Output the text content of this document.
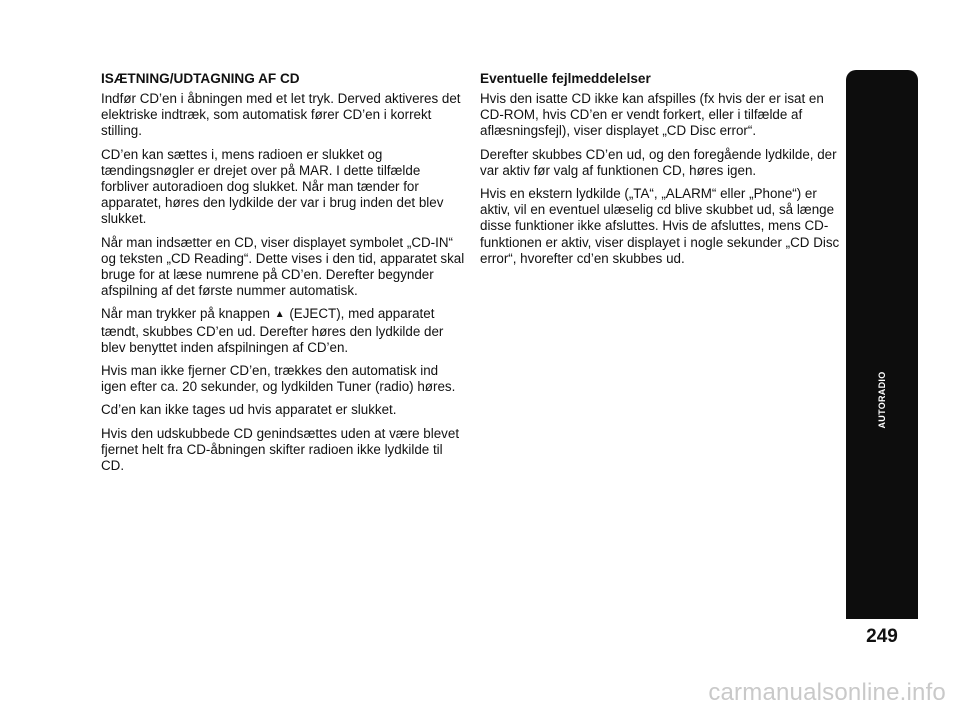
ISÆTNING/UDTAGNING AF CD

Indfør CD’en i åbningen med et let tryk. Derved aktiveres det elektriske indtræk, som automatisk fører CD’en i korrekt stilling.

CD’en kan sættes i, mens radioen er slukket og tændingsnøgler er drejet over på MAR. I dette tilfælde forbliver autoradioen dog slukket. Når man tænder for apparatet, høres den lydkilde der var i brug inden det blev slukket.

Når man indsætter en CD, viser displayet symbolet „CD-IN“ og teksten „CD Reading“. Dette vises i den tid, apparatet skal bruge for at læse numrene på CD’en. Derefter begynder afspilning af det første nummer automatisk.

Når man trykker på knappen ▲ (EJECT), med apparatet tændt, skubbes CD’en ud. Derefter høres den lydkilde der blev benyttet inden afspilningen af CD’en.

Hvis man ikke fjerner CD’en, trækkes den automatisk ind igen efter ca. 20 sekunder, og lydkilden Tuner (radio) høres.

Cd’en kan ikke tages ud hvis apparatet er slukket.

Hvis den udskubbede CD genindsættes uden at være blevet fjernet helt fra CD-åbningen skifter radioen ikke lydkilde til CD.

Eventuelle fejlmeddelelser

Hvis den isatte CD ikke kan afspilles (fx hvis der er isat en CD-ROM, hvis CD’en er vendt forkert, eller i tilfælde af aflæsningsfejl), viser displayet „CD Disc error“.

Derefter skubbes CD’en ud, og den foregående lydkilde, der var aktiv før valg af funktionen CD, høres igen.

Hvis en ekstern lydkilde („TA“, „ALARM“ eller „Phone“) er aktiv, vil en eventuel ulæselig cd blive skubbet ud, så længe disse funktioner ikke afsluttes. Hvis de afsluttes, mens CD-funktionen er aktiv, viser displayet i nogle sekunder „CD Disc error“, hvorefter cd’en skubbes ud.

AUTORADIO
249
carmanualsonline.info
